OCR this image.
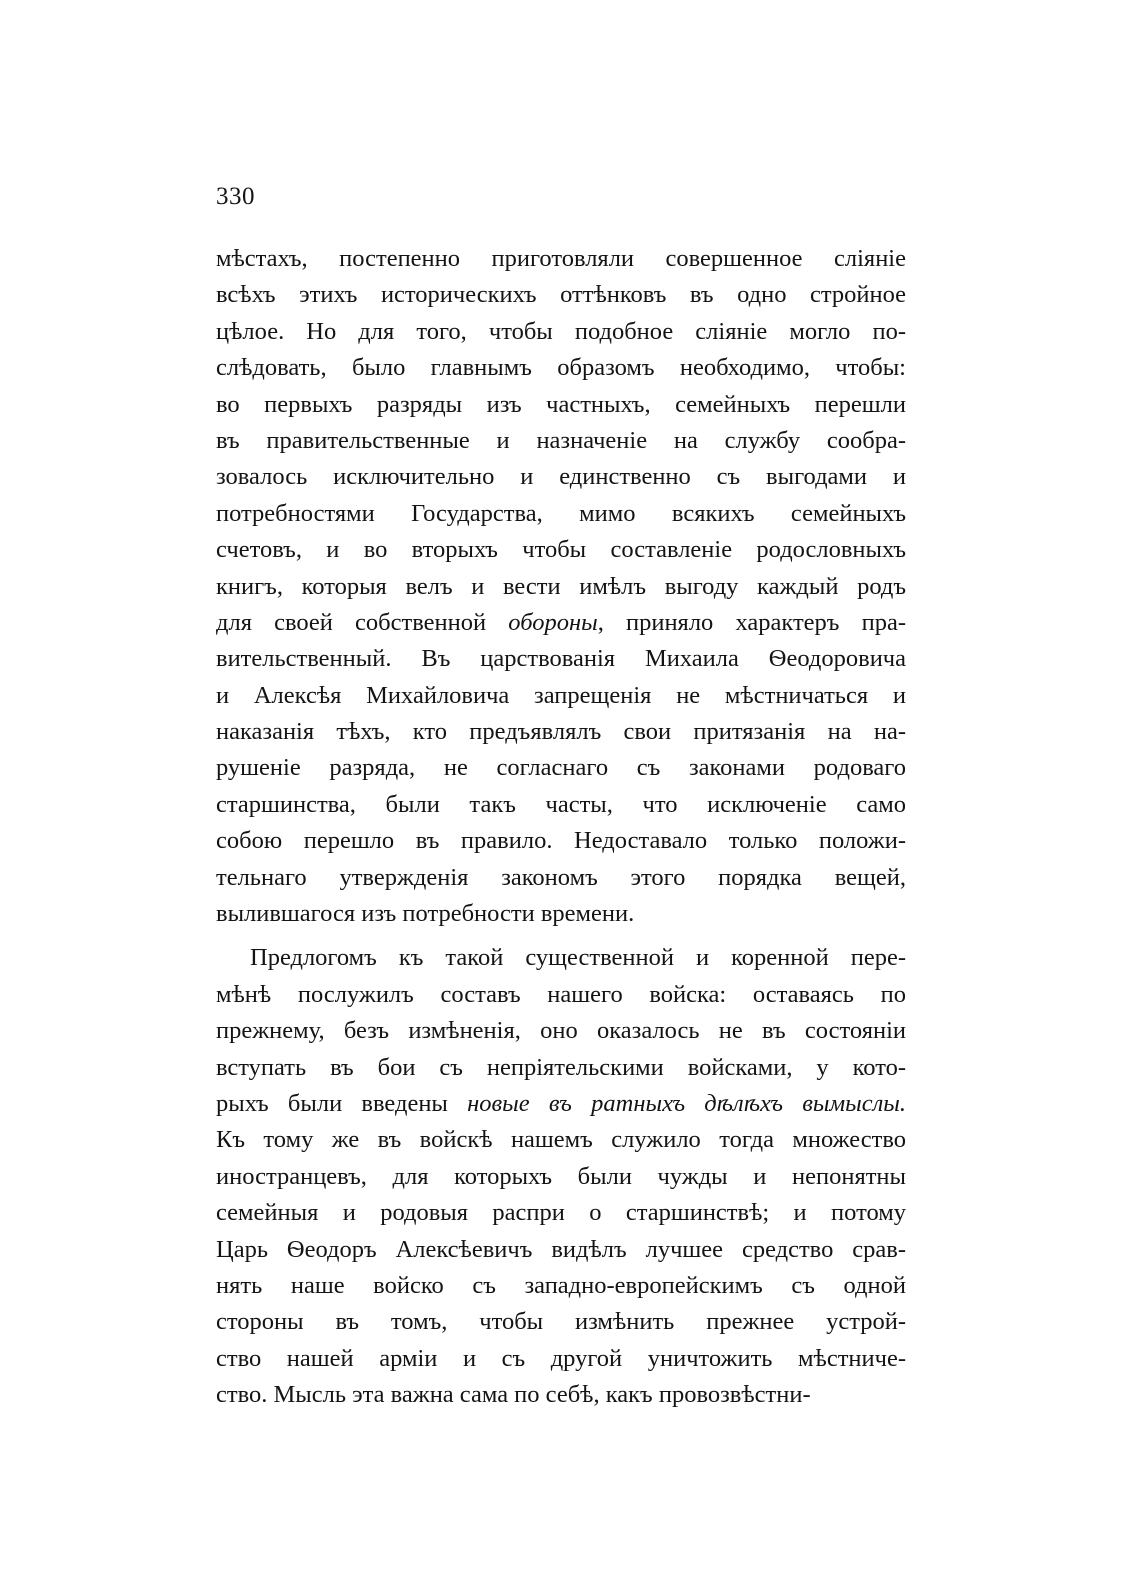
330
мѣстахъ, постепенно приготовляли совершенное сліяніе
всѣхъ этихъ историческихъ оттѣнковъ въ одно стройное
цѣлое. Но для того, чтобы подобное сліяніе могло по-
слѣдовать, было главнымъ образомъ необходимо, чтобы:
во первыхъ разряды изъ частныхъ, семейныхъ перешли
въ правительственные и назначеніе на службу сообра-
зовалось исключительно и единственно съ выгодами и
потребностями Государства, мимо всякихъ семейныхъ
счетовъ, и во вторыхъ чтобы составленіе родословныхъ
книгъ, которыя велъ и вести имѣлъ выгоду каждый родъ
для своей собственной обороны, приняло характеръ пра-
вительственный. Въ царствованія Михаила Ѳеодоровича
и Алексѣя Михайловича запрещенія не мѣстничаться и
наказанія тѣхъ, кто предъявлялъ свои притязанія на на-
рушеніе разряда, не согласнаго съ законами родоваго
старшинства, были такъ часты, что исключеніе само
собою перешло въ правило. Недоставало только положи-
тельнаго утвержденія закономъ этого порядка вещей,
вылившагося изъ потребности времени.
Предлогомъ къ такой существенной и коренной пере-
мѣнѣ послужилъ составъ нашего войска: оставаясь по
прежнему, безъ измѣненія, оно оказалось не въ состояніи
вступать въ бои съ непріятельскими войсками, у кото-
рыхъ были введены новые въ ратныхъ дѣлѣхъ вымыслы.
Къ тому же въ войскѣ нашемъ служило тогда множество
иностранцевъ, для которыхъ были чужды и непонятны
семейныя и родовыя распри о старшинствѣ; и потому
Царь Ѳеодоръ Алексѣевичъ видѣлъ лучшее средство срав-
нять наше войско съ западно-европейскимъ съ одной
стороны въ томъ, чтобы измѣнить прежнее устрой-
ство нашей арміи и съ другой уничтожить мѣстниче-
ство. Мысль эта важна сама по себѣ, какъ провозвѣстни-
